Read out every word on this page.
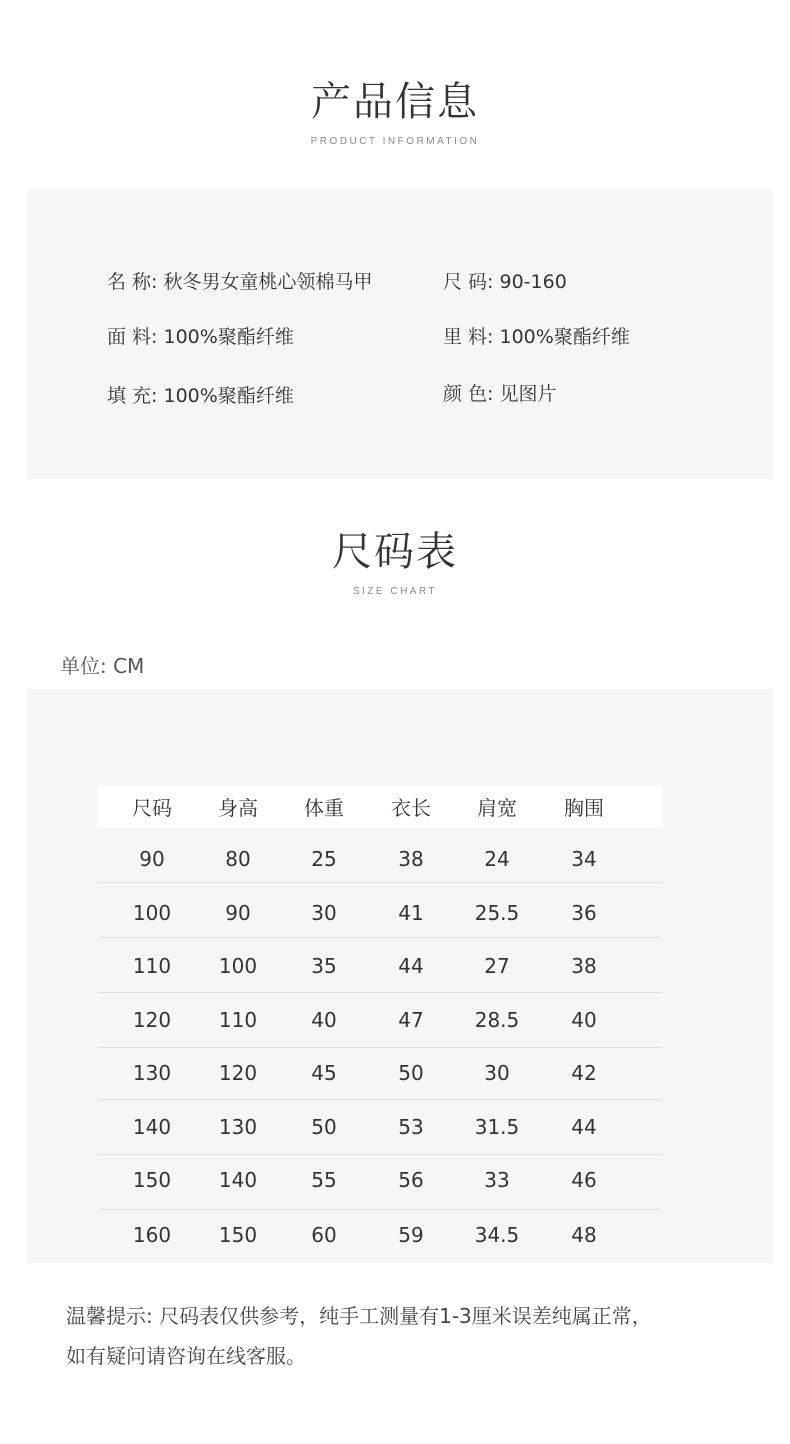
产品信息
PRODUCT INFORMATION
名 称: 秋冬男女童桃心领棉马甲	尺 码: 90-160
面 料: 100%聚酯纤维	里 料: 100%聚酯纤维
填 充: 100%聚酯纤维	颜 色: 见图片
尺码表
SIZE CHART
单位: CM
尺码	身高	体重	衣长	肩宽	胸围
90	80	25	38	24	34
100	90	30	41	25.5	36
110	100	35	44	27	38
120	110	40	47	28.5	40
130	120	45	50	30	42
140	130	50	53	31.5	44
150	140	55	56	33	46
160	150	60	59	34.5	48
温馨提示: 尺码表仅供参考，纯手工测量有1-3厘米误差纯属正常，
如有疑问请咨询在线客服。
